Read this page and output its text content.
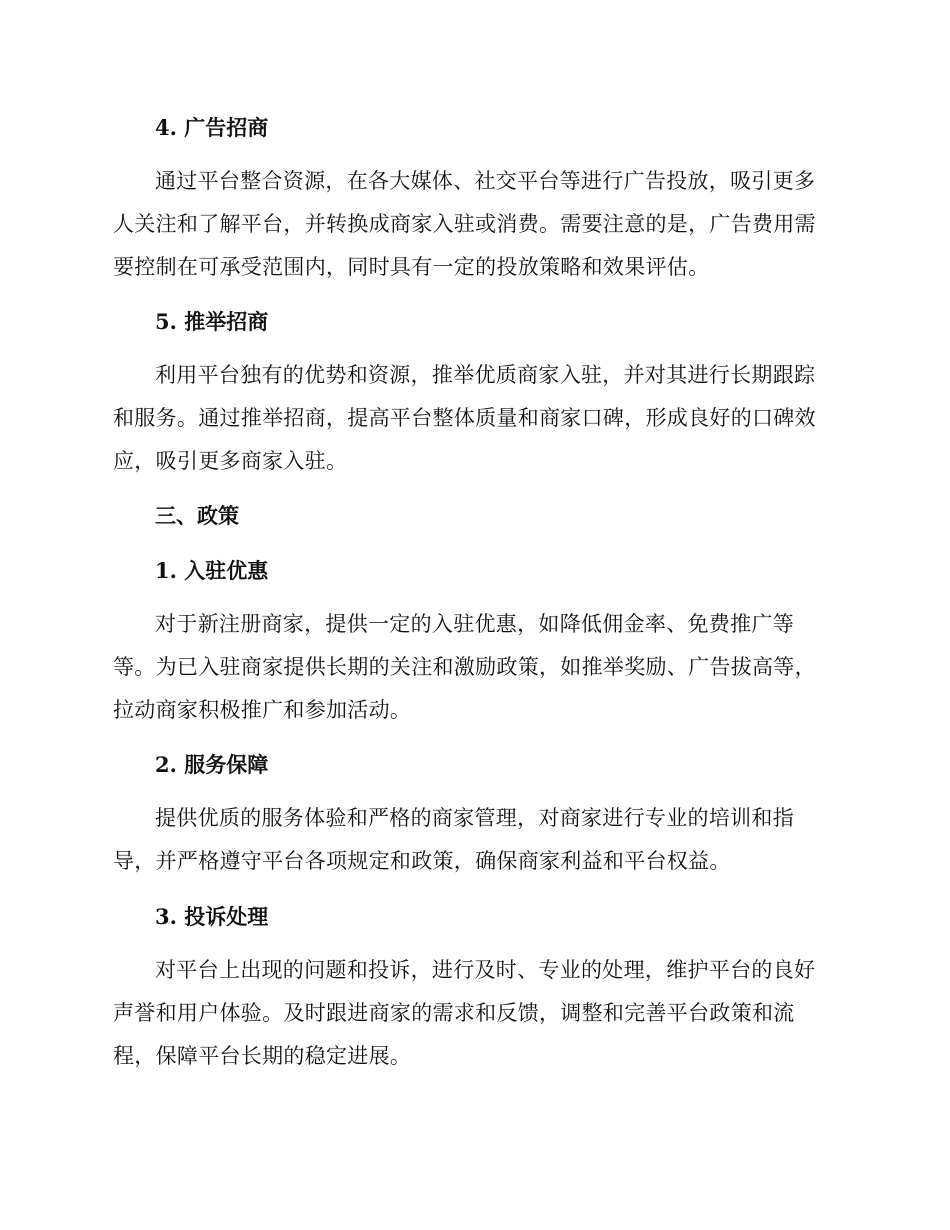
4. 广告招商
通过平台整合资源，在各大媒体、社交平台等进行广告投放，吸引更多
人关注和了解平台，并转换成商家入驻或消费。需要注意的是，广告费用需
要控制在可承受范围内，同时具有一定的投放策略和效果评估。
5. 推举招商
利用平台独有的优势和资源，推举优质商家入驻，并对其进行长期跟踪
和服务。通过推举招商，提高平台整体质量和商家口碑，形成良好的口碑效
应，吸引更多商家入驻。
三、政策
1. 入驻优惠
对于新注册商家，提供一定的入驻优惠，如降低佣金率、免费推广等
等。为已入驻商家提供长期的关注和激励政策，如推举奖励、广告拔高等，
拉动商家积极推广和参加活动。
2. 服务保障
提供优质的服务体验和严格的商家管理，对商家进行专业的培训和指
导，并严格遵守平台各项规定和政策，确保商家利益和平台权益。
3. 投诉处理
对平台上出现的问题和投诉，进行及时、专业的处理，维护平台的良好
声誉和用户体验。及时跟进商家的需求和反馈，调整和完善平台政策和流
程，保障平台长期的稳定进展。
